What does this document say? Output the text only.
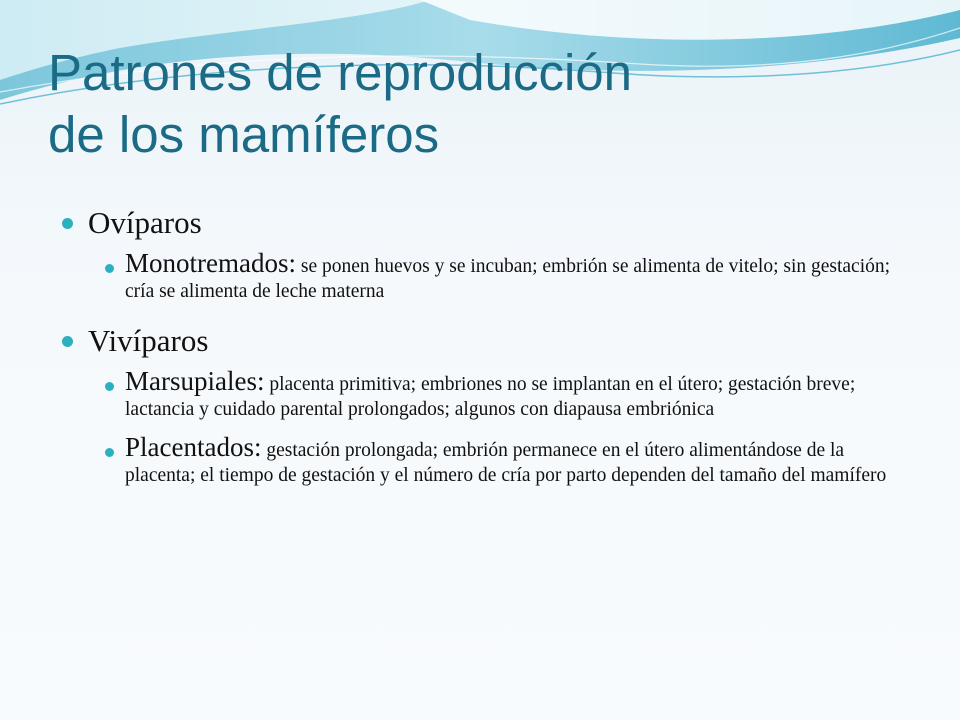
Patrones de reproducción
de los mamíferos
Ovíparos
Monotremados: se ponen huevos y se incuban; embrión se alimenta de vitelo; sin gestación; cría se alimenta de leche materna
Vivíparos
Marsupiales: placenta primitiva; embriones no se implantan en el útero; gestación breve; lactancia y cuidado parental prolongados; algunos con diapausa embriónica
Placentados: gestación prolongada; embrión permanece en el útero alimentándose de la placenta; el tiempo de gestación y el número de cría por parto dependen del tamaño del mamífero
